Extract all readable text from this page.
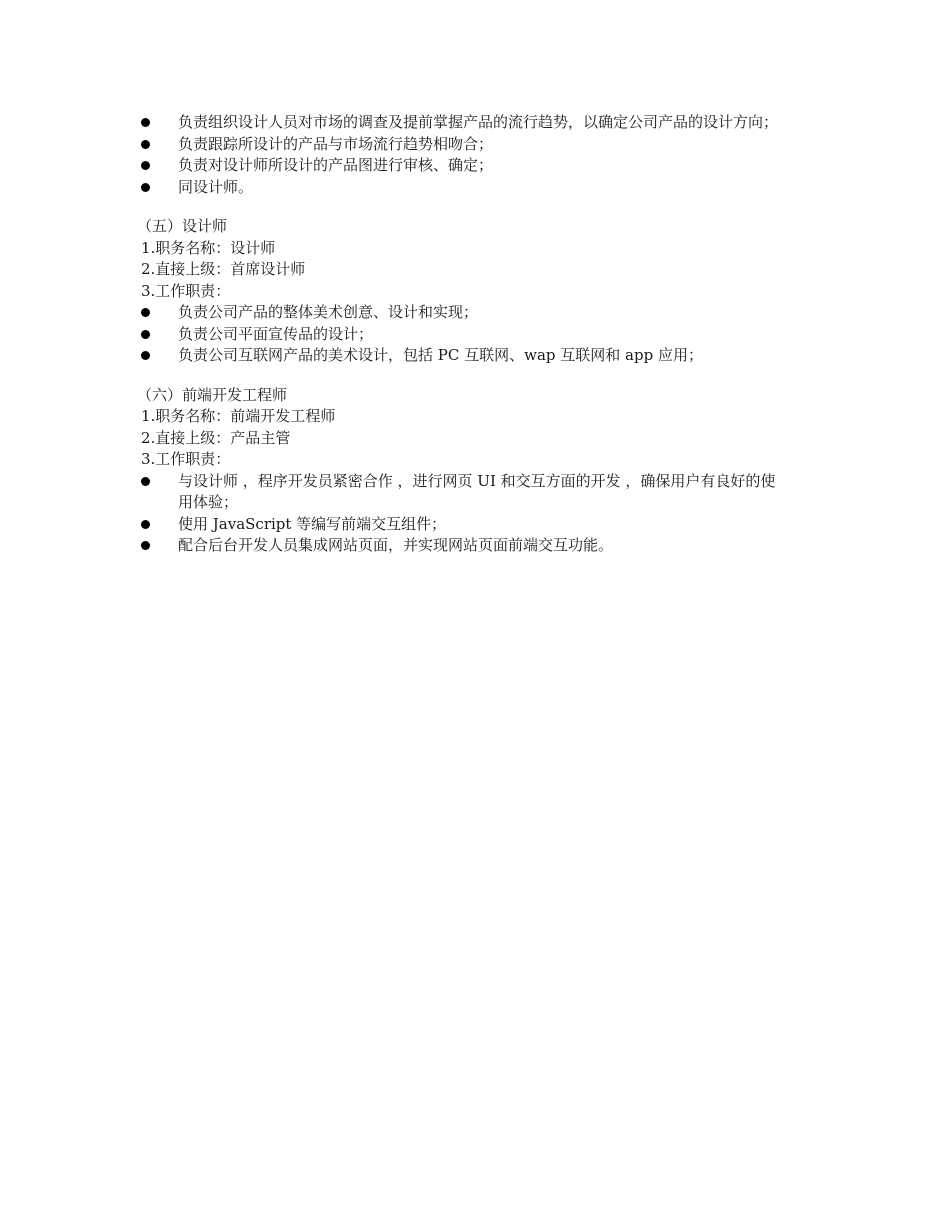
负责组织设计人员对市场的调查及提前掌握产品的流行趋势，以确定公司产品的设计方向；
负责跟踪所设计的产品与市场流行趋势相吻合；
负责对设计师所设计的产品图进行审核、确定；
同设计师。
（五）设计师
1.职务名称：设计师
2.直接上级：首席设计师
3.工作职责：
负责公司产品的整体美术创意、设计和实现；
负责公司平面宣传品的设计；
负责公司互联网产品的美术设计，包括 PC 互联网、wap 互联网和 app 应用；
（六）前端开发工程师
1.职务名称：前端开发工程师
2.直接上级：产品主管
3.工作职责：
与设计师 ，程序开发员紧密合作 ，进行网页 UI 和交互方面的开发 ，确保用户有良好的使用体验；
使用 JavaScript 等编写前端交互组件；
配合后台开发人员集成网站页面，并实现网站页面前端交互功能。
